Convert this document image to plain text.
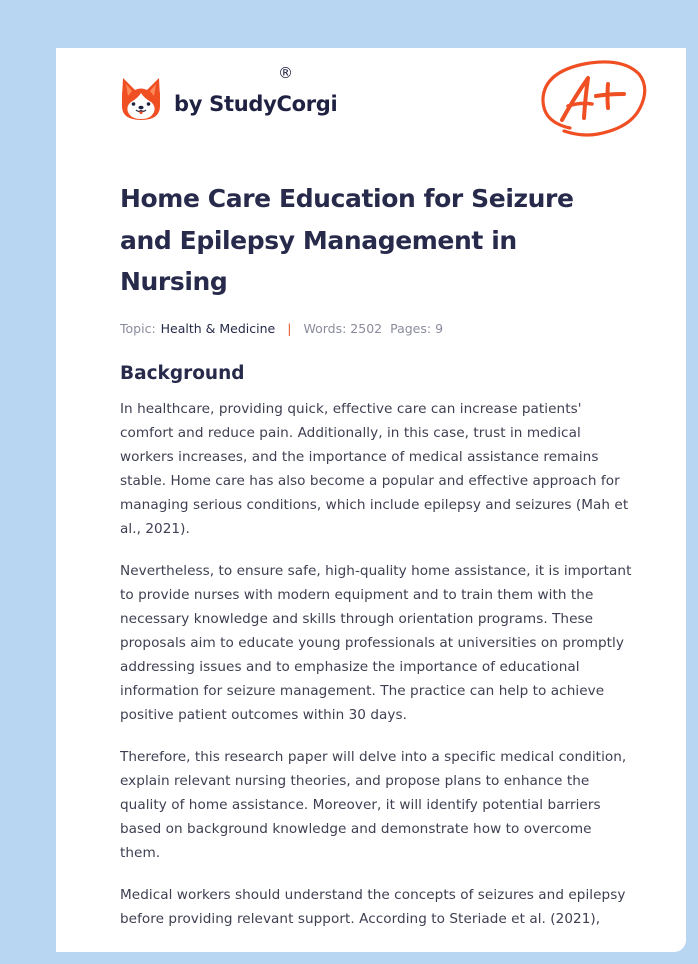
by StudyCorgi
®
Home Care Education for Seizure and Epilepsy Management in Nursing
Topic: Health & Medicine | Words: 2502 Pages: 9
Background

In healthcare, providing quick, effective care can increase patients' comfort and reduce pain. Additionally, in this case, trust in medical workers increases, and the importance of medical assistance remains stable. Home care has also become a popular and effective approach for managing serious conditions, which include epilepsy and seizures (Mah et al., 2021).

Nevertheless, to ensure safe, high-quality home assistance, it is important to provide nurses with modern equipment and to train them with the necessary knowledge and skills through orientation programs. These proposals aim to educate young professionals at universities on promptly addressing issues and to emphasize the importance of educational information for seizure management. The practice can help to achieve positive patient outcomes within 30 days.

Therefore, this research paper will delve into a specific medical condition, explain relevant nursing theories, and propose plans to enhance the quality of home assistance. Moreover, it will identify potential barriers based on background knowledge and demonstrate how to overcome them.

Medical workers should understand the concepts of seizures and epilepsy before providing relevant support. According to Steriade et al. (2021),
